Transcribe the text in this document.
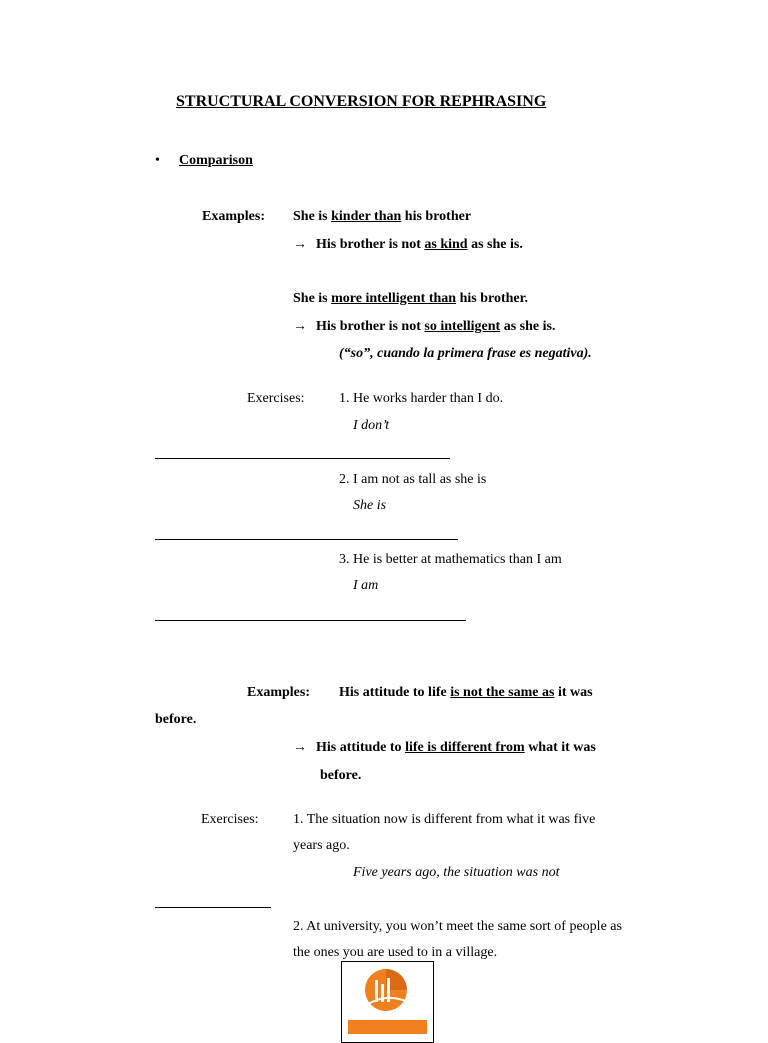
STRUCTURAL CONVERSION FOR REPHRASING
• Comparison
Examples: She is kinder than his brother
→ His brother is not as kind as she is.
She is more intelligent than his brother.
→ His brother is not so intelligent as she is.
(“so”, cuando la primera frase es negativa).
Exercises: 1. He works harder than I do.
I don’t
2. I am not as tall as she is
She is
3. He is better at mathematics than I am
I am
Examples: His attitude to life is not the same as it was
before.
→ His attitude to life is different from what it was
before.
Exercises: 1. The situation now is different from what it was five
years ago.
Five years ago, the situation was not
2. At university, you won’t meet the same sort of people as
the ones you are used to in a village.
